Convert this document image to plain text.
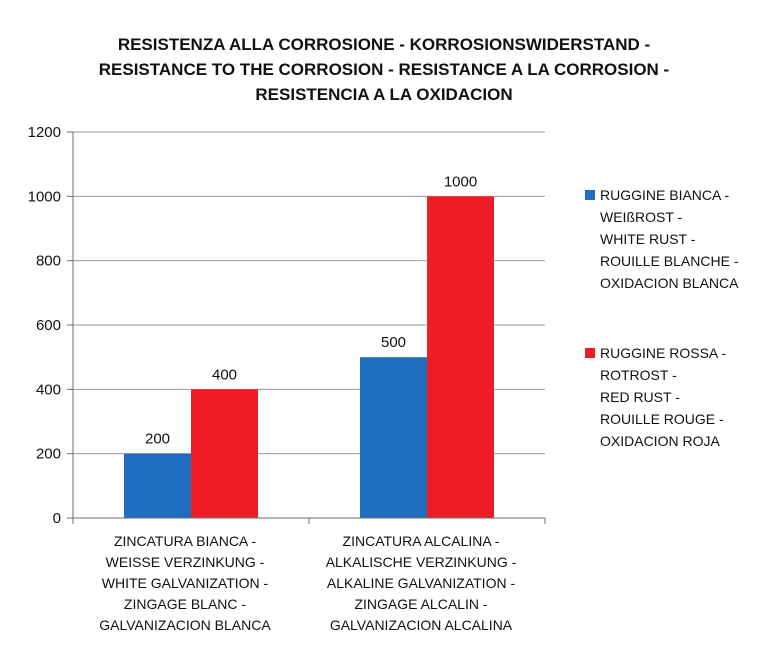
RESISTENZA ALLA CORROSIONE - KORROSIONSWIDERSTAND -
RESISTANCE TO THE CORROSION - RESISTANCE A LA CORROSION -
RESISTENCIA A LA OXIDACION
0
200
400
600
800
1000
1200
200
400
500
1000
ZINCATURA BIANCA -
WEISSE VERZINKUNG -
WHITE GALVANIZATION -
ZINGAGE BLANC -
GALVANIZACION BLANCA
ZINCATURA ALCALINA -
ALKALISCHE VERZINKUNG -
ALKALINE GALVANIZATION -
ZINGAGE ALCALIN -
GALVANIZACION ALCALINA
RUGGINE BIANCA -
WEIßROST -
WHITE RUST -
ROUILLE BLANCHE -
OXIDACION BLANCA
RUGGINE ROSSA -
ROTROST -
RED RUST -
ROUILLE ROUGE -
OXIDACION ROJA
